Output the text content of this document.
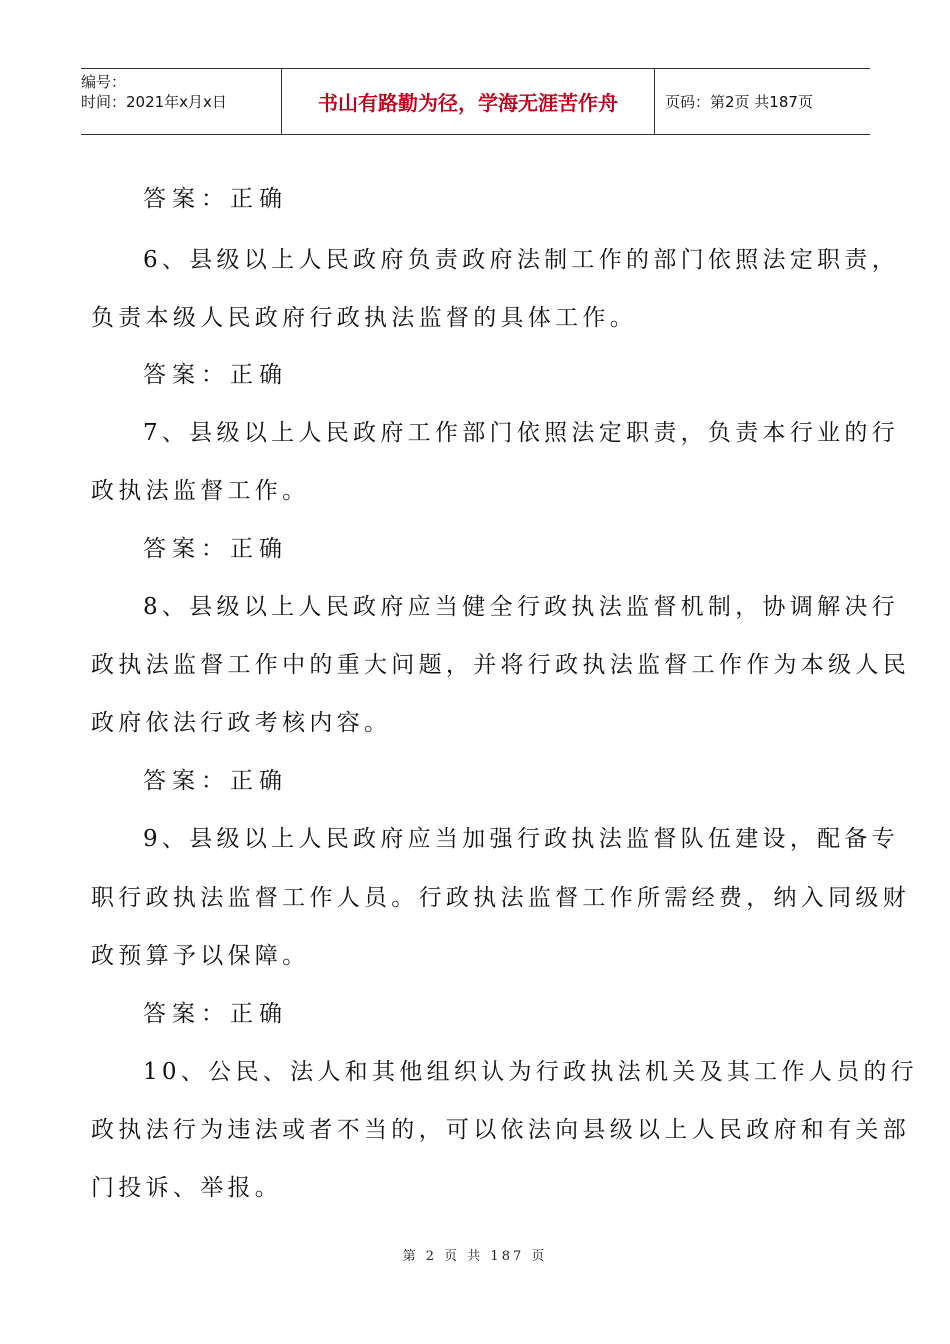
编号：
时间：2021年x月x日	书山有路勤为径，学海无涯苦作舟	页码：第2页 共187页
答案：正确
6、县级以上人民政府负责政府法制工作的部门依照法定职责，
负责本级人民政府行政执法监督的具体工作。
答案：正确
7、县级以上人民政府工作部门依照法定职责，负责本行业的行
政执法监督工作。
答案：正确
8、县级以上人民政府应当健全行政执法监督机制，协调解决行
政执法监督工作中的重大问题，并将行政执法监督工作作为本级人民
政府依法行政考核内容。
答案：正确
9、县级以上人民政府应当加强行政执法监督队伍建设，配备专
职行政执法监督工作人员。行政执法监督工作所需经费，纳入同级财
政预算予以保障。
答案：正确
10、公民、法人和其他组织认为行政执法机关及其工作人员的行
政执法行为违法或者不当的，可以依法向县级以上人民政府和有关部
门投诉、举报。
第 2 页 共 187 页
